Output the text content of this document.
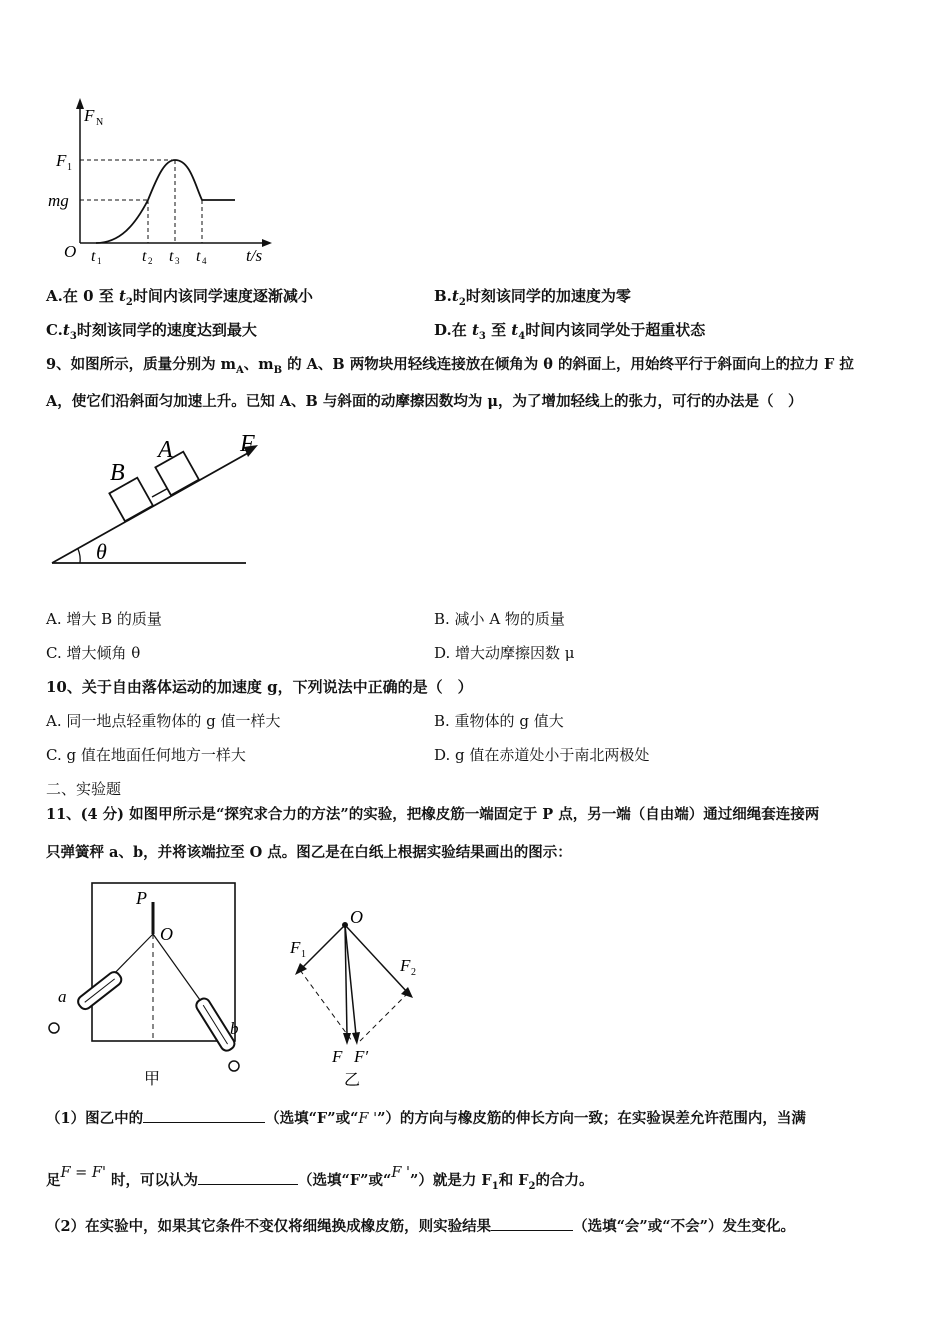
F N
F 1
mg
O t 1	t 2 t 3 t 4 t/s
A.在 0 至 $t_2$时间内该同学速度逐渐减小	$B.t_2$时刻该同学的加速度为零
$C.t_3$时刻该同学的速度达到最大	D.在 $t_3$ 至 $t_4$时间内该同学处于超重状态
9、如图所示，质量分别为 $m_A$、$m_B$ 的 A、B 两物块用轻线连接放在倾角为 θ 的斜面上，用始终平行于斜面向上的拉力 F 拉
A，使它们沿斜面匀加速上升。已知 A、B 与斜面的动摩擦因数均为 μ，为了增加轻线上的张力，可行的办法是（　）
B
A	F
θ
A. 增大 B 的质量	B. 减小 A 物的质量
C. 增大倾角 θ	D. 增大动摩擦因数 μ
10、关于自由落体运动的加速度 g，下列说法中正确的是（　）
A. 同一地点轻重物体的 g 值一样大	B. 重物体的 g 值大
C. g 值在地面任何地方一样大	D. g 值在赤道处小于南北两极处
二、实验题
11、(4 分) 如图甲所示是“探究求合力的方法”的实验，把橡皮筋一端固定于 P 点，另一端（自由端）通过细绳套连接两
只弹簧秤 a、b，并将该端拉至 O 点。图乙是在白纸上根据实验结果画出的图示：
P
O
a
b
甲
O
F 1
F 2
F F′
乙
（1）图乙中的	（选填“F”或“F '”）的方向与橡皮筋的伸长方向一致；在实验误差允许范围内，当满
足F = F' 时，可以认为	（选填“F”或“F '”）就是力 $F_1$和 $F_2$的合力。
（2）在实验中，如果其它条件不变仅将细绳换成橡皮筋，则实验结果	（选填“会”或“不会”）发生变化。
